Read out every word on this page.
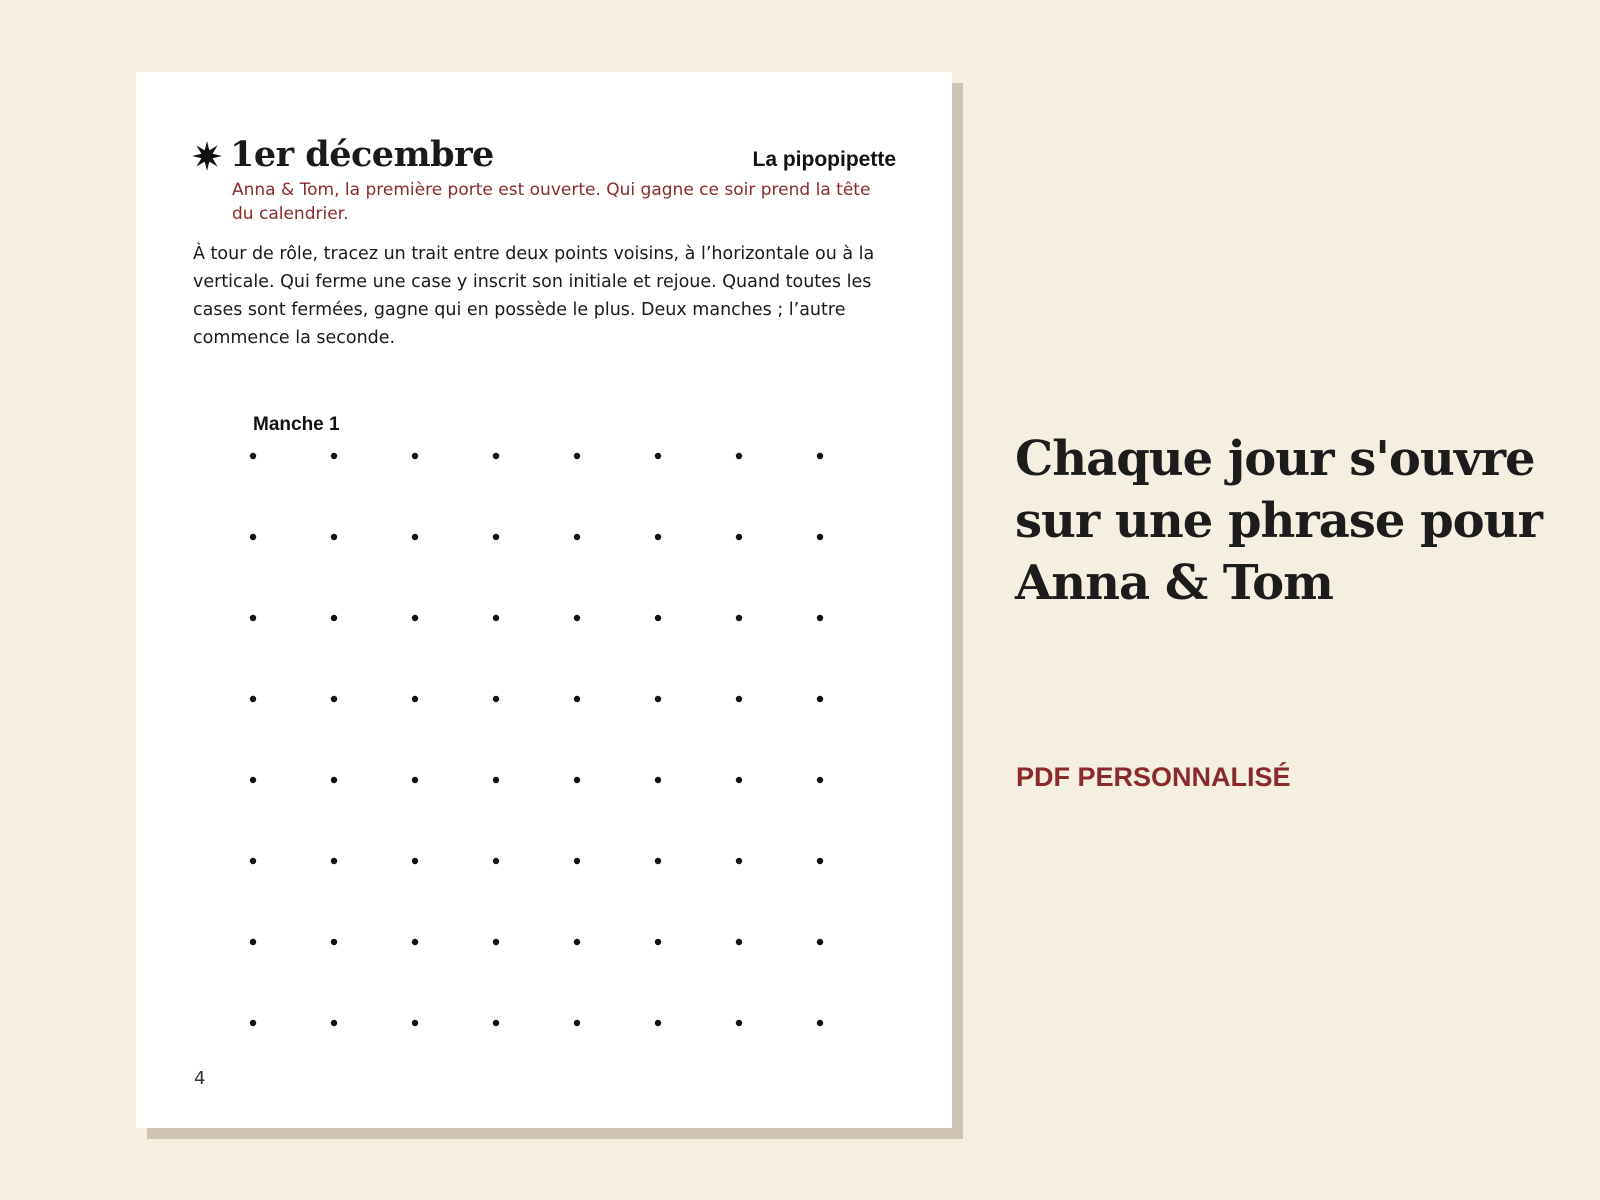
1er décembre	La pipopipette

Anna & Tom, la première porte est ouverte. Qui gagne ce soir prend la tête du calendrier.

À tour de rôle, tracez un trait entre deux points voisins, à l’horizontale ou à la verticale. Qui ferme une case y inscrit son initiale et rejoue. Quand toutes les cases sont fermées, gagne qui en possède le plus. Deux manches ; l’autre commence la seconde.

Manche 1
4
Chaque jour s'ouvre sur une phrase pour Anna & Tom
PDF PERSONNALISÉ
